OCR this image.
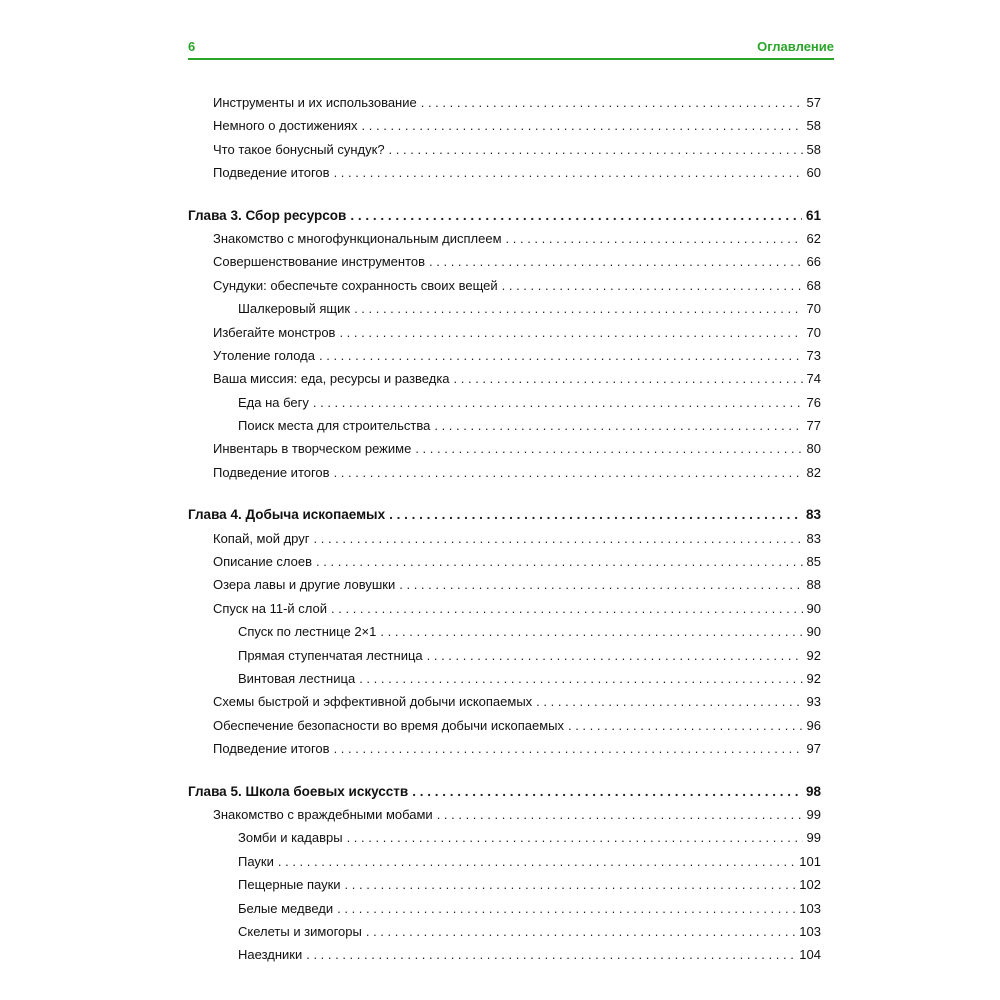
6	Оглавление
Инструменты и их использование . . .	57
Немного о достижениях . . .	58
Что такое бонусный сундук? . . .	58
Подведение итогов . . .	60
Глава 3. Сбор ресурсов . . .	61
Знакомство с многофункциональным дисплеем . . .	62
Совершенствование инструментов . . .	66
Сундуки: обеспечьте сохранность своих вещей . . .	68
Шалкеровый ящик . . .	70
Избегайте монстров . . .	70
Утоление голода . . .	73
Ваша миссия: еда, ресурсы и разведка . . .	74
Еда на бегу . . .	76
Поиск места для строительства . . .	77
Инвентарь в творческом режиме . . .	80
Подведение итогов . . .	82
Глава 4. Добыча ископаемых . . .	83
Копай, мой друг . . .	83
Описание слоев . . .	85
Озера лавы и другие ловушки . . .	88
Спуск на 11-й слой . . .	90
Спуск по лестнице 2×1 . . .	90
Прямая ступенчатая лестница . . .	92
Винтовая лестница . . .	92
Схемы быстрой и эффективной добычи ископаемых . . .	93
Обеспечение безопасности во время добычи ископаемых . . .	96
Подведение итогов . . .	97
Глава 5. Школа боевых искусств . . .	98
Знакомство с враждебными мобами . . .	99
Зомби и кадавры . . .	99
Пауки . . .	101
Пещерные пауки . . .	102
Белые медведи . . .	103
Скелеты и зимогоры . . .	103
Наездники . . .	104
